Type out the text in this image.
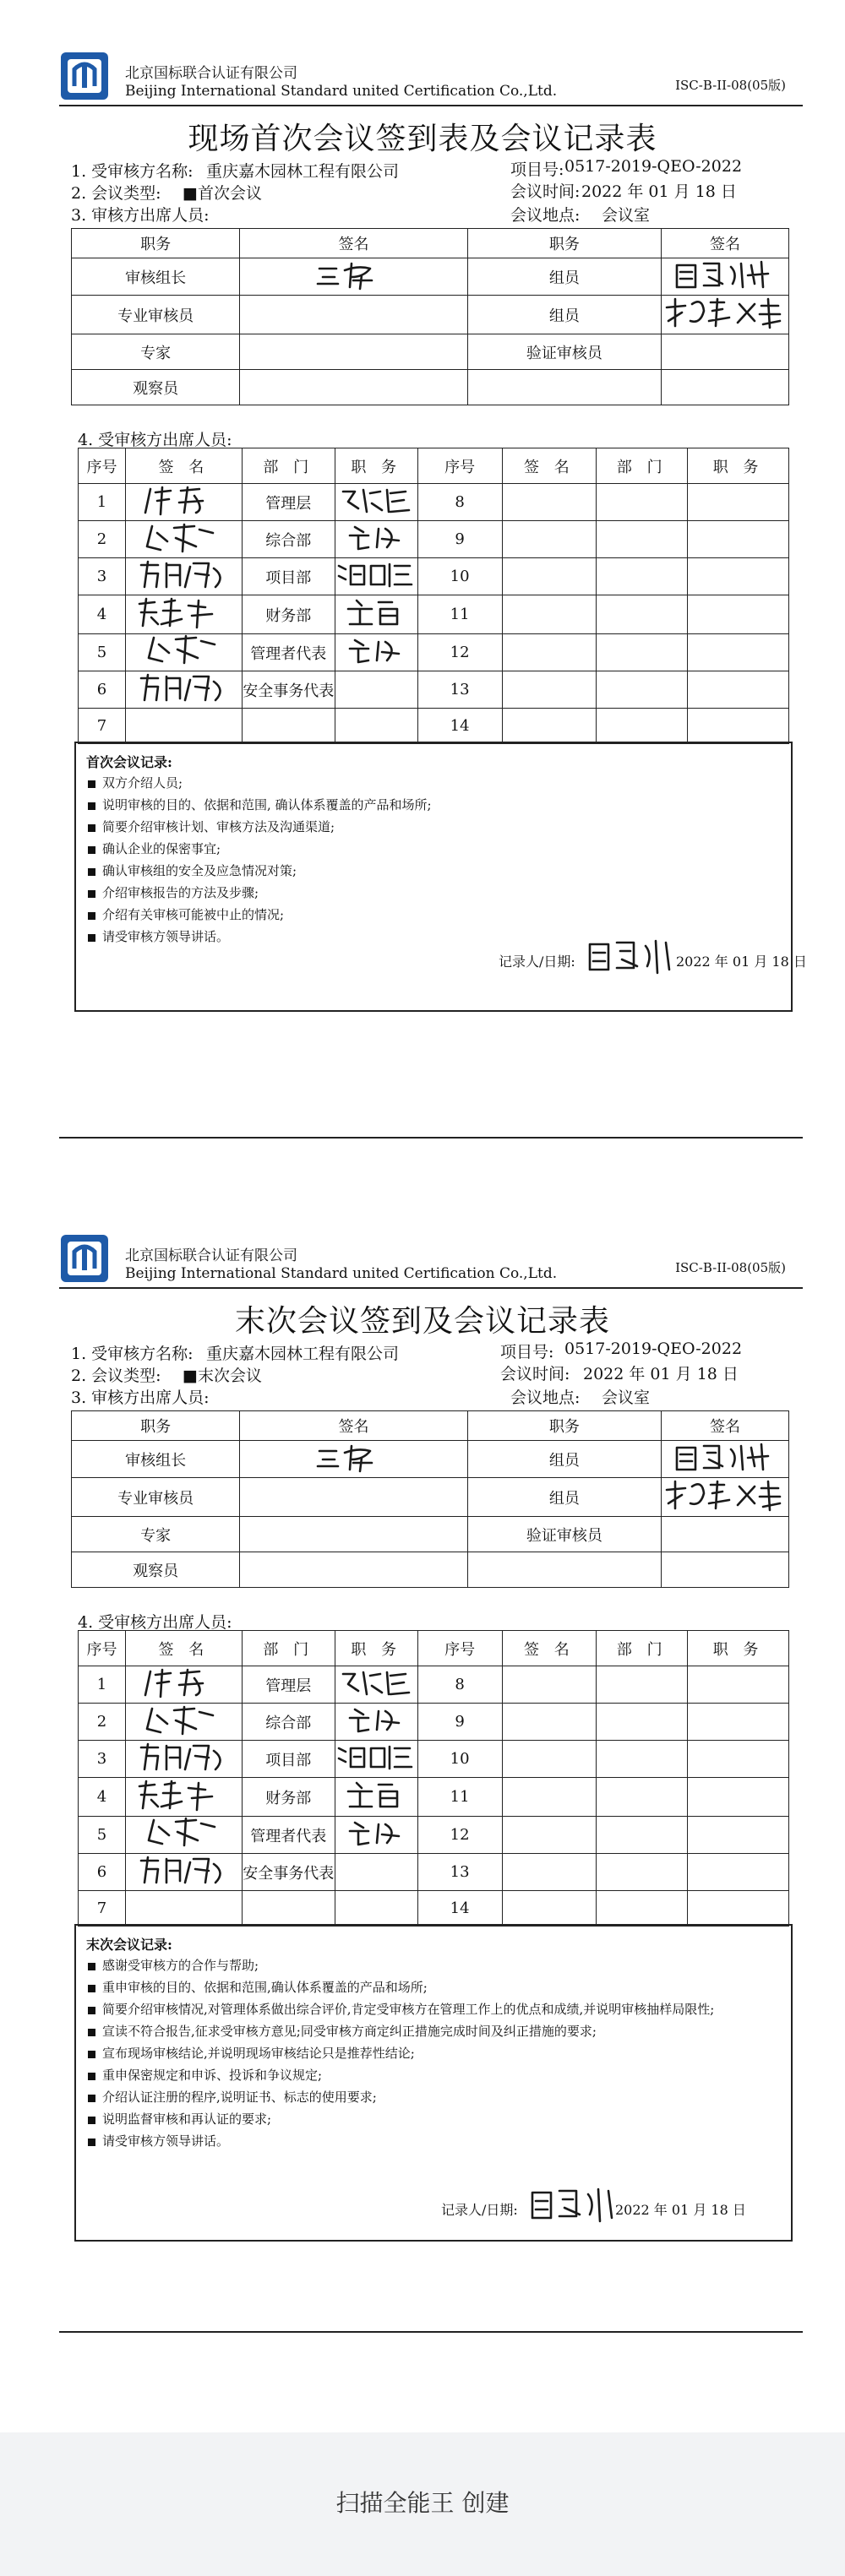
北京国标联合认证有限公司
Beijing International Standard united Certification Co.,Ltd.	ISC-B-II-08(05版)
现场首次会议签到表及会议记录表
1. 受审核方名称: 重庆嘉木园林工程有限公司
2. 会议类型: ■首次会议
3. 审核方出席人员:
项目号: 0517-2019-QEO-2022
会议时间: 2022 年 01 月 18 日
会议地点: 会议室
职务	签名	职务	签名
审核组长		组员	
专业审核员		组员	
专家		验证审核员	
观察员			
4. 受审核方出席人员:
序号	签 名	部 门	职 务	序号	签 名	部 门	职 务
1		管理层		8			
2		综合部		9			
3		项目部		10			
4		财务部		11			
5		管理者代表		12			
6		安全事务代表		13			
7				14			
首次会议记录:
双方介绍人员;
说明审核的目的、依据和范围, 确认体系覆盖的产品和场所;
简要介绍审核计划、审核方法及沟通渠道;
确认企业的保密事宜;
确认审核组的安全及应急情况对策;
介绍审核报告的方法及步骤;
介绍有关审核可能被中止的情况;
请受审核方领导讲话。
记录人/日期:	2022 年 01 月 18 日
北京国标联合认证有限公司
Beijing International Standard united Certification Co.,Ltd.	ISC-B-II-08(05版)
末次会议签到及会议记录表
1. 受审核方名称: 重庆嘉木园林工程有限公司
2. 会议类型: ■末次会议
3. 审核方出席人员:
项目号: 0517-2019-QEO-2022
会议时间: 2022 年 01 月 18 日
会议地点: 会议室
职务	签名	职务	签名
审核组长		组员	
专业审核员		组员	
专家		验证审核员	
观察员			
4. 受审核方出席人员:
序号	签 名	部 门	职 务	序号	签 名	部 门	职 务
1		管理层		8			
2		综合部		9			
3		项目部		10			
4		财务部		11			
5		管理者代表		12			
6		安全事务代表		13			
7				14			
末次会议记录:
感谢受审核方的合作与帮助;
重申审核的目的、依据和范围,确认体系覆盖的产品和场所;
简要介绍审核情况,对管理体系做出综合评价,肯定受审核方在管理工作上的优点和成绩,并说明审核抽样局限性;
宣读不符合报告,征求受审核方意见;同受审核方商定纠正措施完成时间及纠正措施的要求;
宣布现场审核结论,并说明现场审核结论只是推荐性结论;
重申保密规定和申诉、投诉和争议规定;
介绍认证注册的程序,说明证书、标志的使用要求;
说明监督审核和再认证的要求;
请受审核方领导讲话。
记录人/日期:	2022 年 01 月 18 日
扫描全能王 创建
